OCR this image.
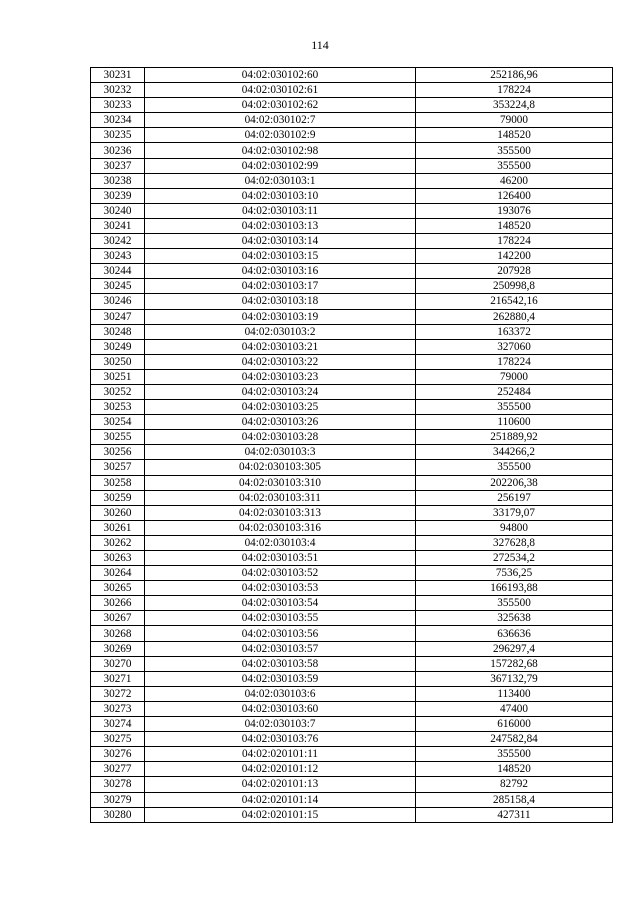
114
30231	04:02:030102:60	252186,96
30232	04:02:030102:61	178224
30233	04:02:030102:62	353224,8
30234	04:02:030102:7	79000
30235	04:02:030102:9	148520
30236	04:02:030102:98	355500
30237	04:02:030102:99	355500
30238	04:02:030103:1	46200
30239	04:02:030103:10	126400
30240	04:02:030103:11	193076
30241	04:02:030103:13	148520
30242	04:02:030103:14	178224
30243	04:02:030103:15	142200
30244	04:02:030103:16	207928
30245	04:02:030103:17	250998,8
30246	04:02:030103:18	216542,16
30247	04:02:030103:19	262880,4
30248	04:02:030103:2	163372
30249	04:02:030103:21	327060
30250	04:02:030103:22	178224
30251	04:02:030103:23	79000
30252	04:02:030103:24	252484
30253	04:02:030103:25	355500
30254	04:02:030103:26	110600
30255	04:02:030103:28	251889,92
30256	04:02:030103:3	344266,2
30257	04:02:030103:305	355500
30258	04:02:030103:310	202206,38
30259	04:02:030103:311	256197
30260	04:02:030103:313	33179,07
30261	04:02:030103:316	94800
30262	04:02:030103:4	327628,8
30263	04:02:030103:51	272534,2
30264	04:02:030103:52	7536,25
30265	04:02:030103:53	166193,88
30266	04:02:030103:54	355500
30267	04:02:030103:55	325638
30268	04:02:030103:56	636636
30269	04:02:030103:57	296297,4
30270	04:02:030103:58	157282,68
30271	04:02:030103:59	367132,79
30272	04:02:030103:6	113400
30273	04:02:030103:60	47400
30274	04:02:030103:7	616000
30275	04:02:030103:76	247582,84
30276	04:02:020101:11	355500
30277	04:02:020101:12	148520
30278	04:02:020101:13	82792
30279	04:02:020101:14	285158,4
30280	04:02:020101:15	427311
